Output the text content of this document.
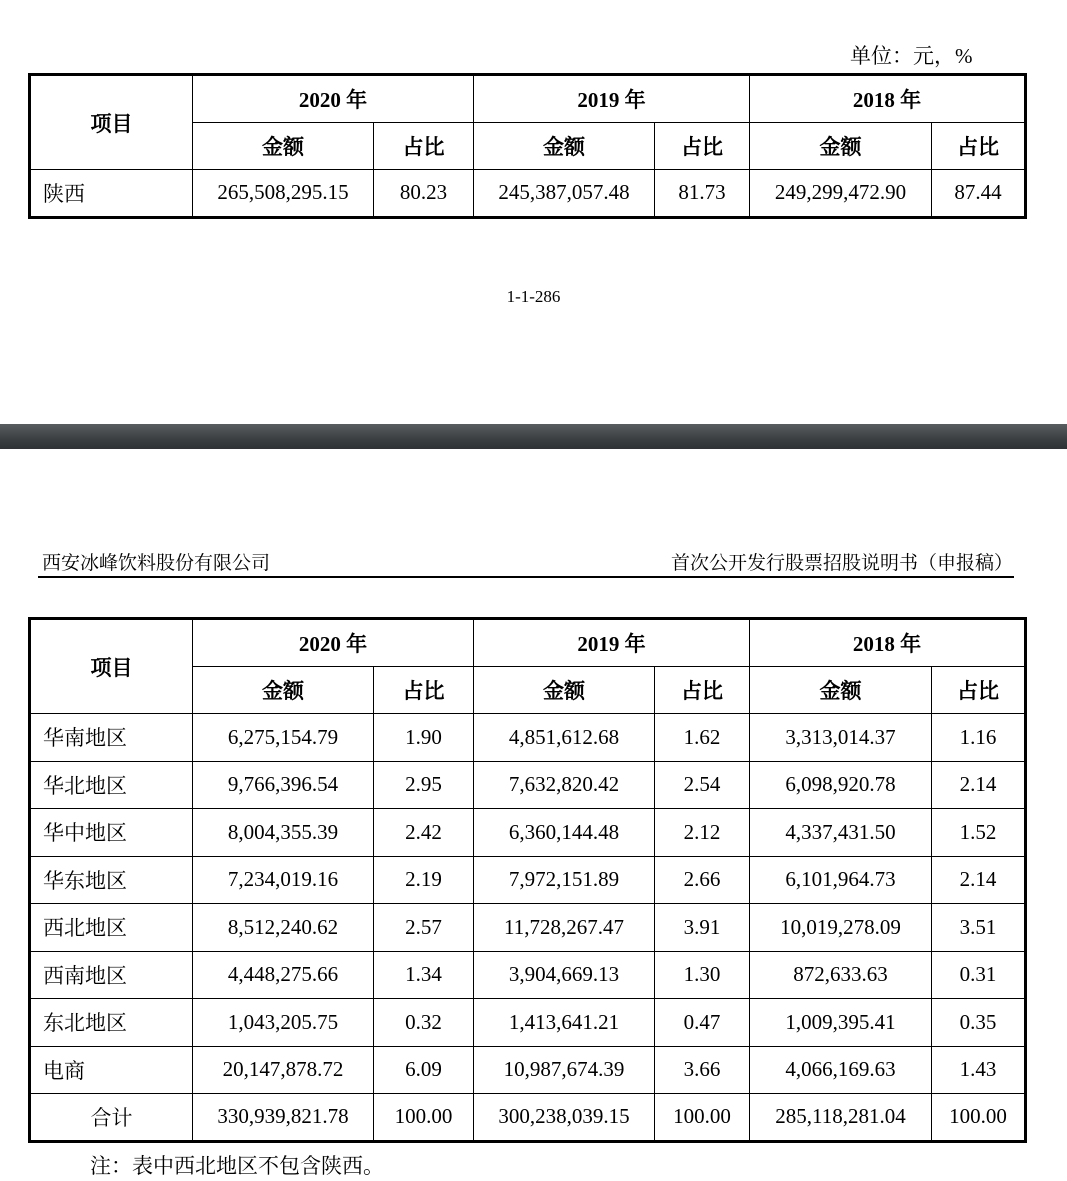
单位：元，%
项目	2020 年		2019 年		2018 年	
	金额	占比	金额	占比	金额	占比
陕西	265,508,295.15	80.23	245,387,057.48	81.73	249,299,472.90	87.44
1-1-286
西安冰峰饮料股份有限公司	首次公开发行股票招股说明书（申报稿）
项目	2020 年		2019 年		2018 年	
	金额	占比	金额	占比	金额	占比
华南地区	6,275,154.79	1.90	4,851,612.68	1.62	3,313,014.37	1.16
华北地区	9,766,396.54	2.95	7,632,820.42	2.54	6,098,920.78	2.14
华中地区	8,004,355.39	2.42	6,360,144.48	2.12	4,337,431.50	1.52
华东地区	7,234,019.16	2.19	7,972,151.89	2.66	6,101,964.73	2.14
西北地区	8,512,240.62	2.57	11,728,267.47	3.91	10,019,278.09	3.51
西南地区	4,448,275.66	1.34	3,904,669.13	1.30	872,633.63	0.31
东北地区	1,043,205.75	0.32	1,413,641.21	0.47	1,009,395.41	0.35
电商	20,147,878.72	6.09	10,987,674.39	3.66	4,066,169.63	1.43
合计	330,939,821.78	100.00	300,238,039.15	100.00	285,118,281.04	100.00
注：表中西北地区不包含陕西。
